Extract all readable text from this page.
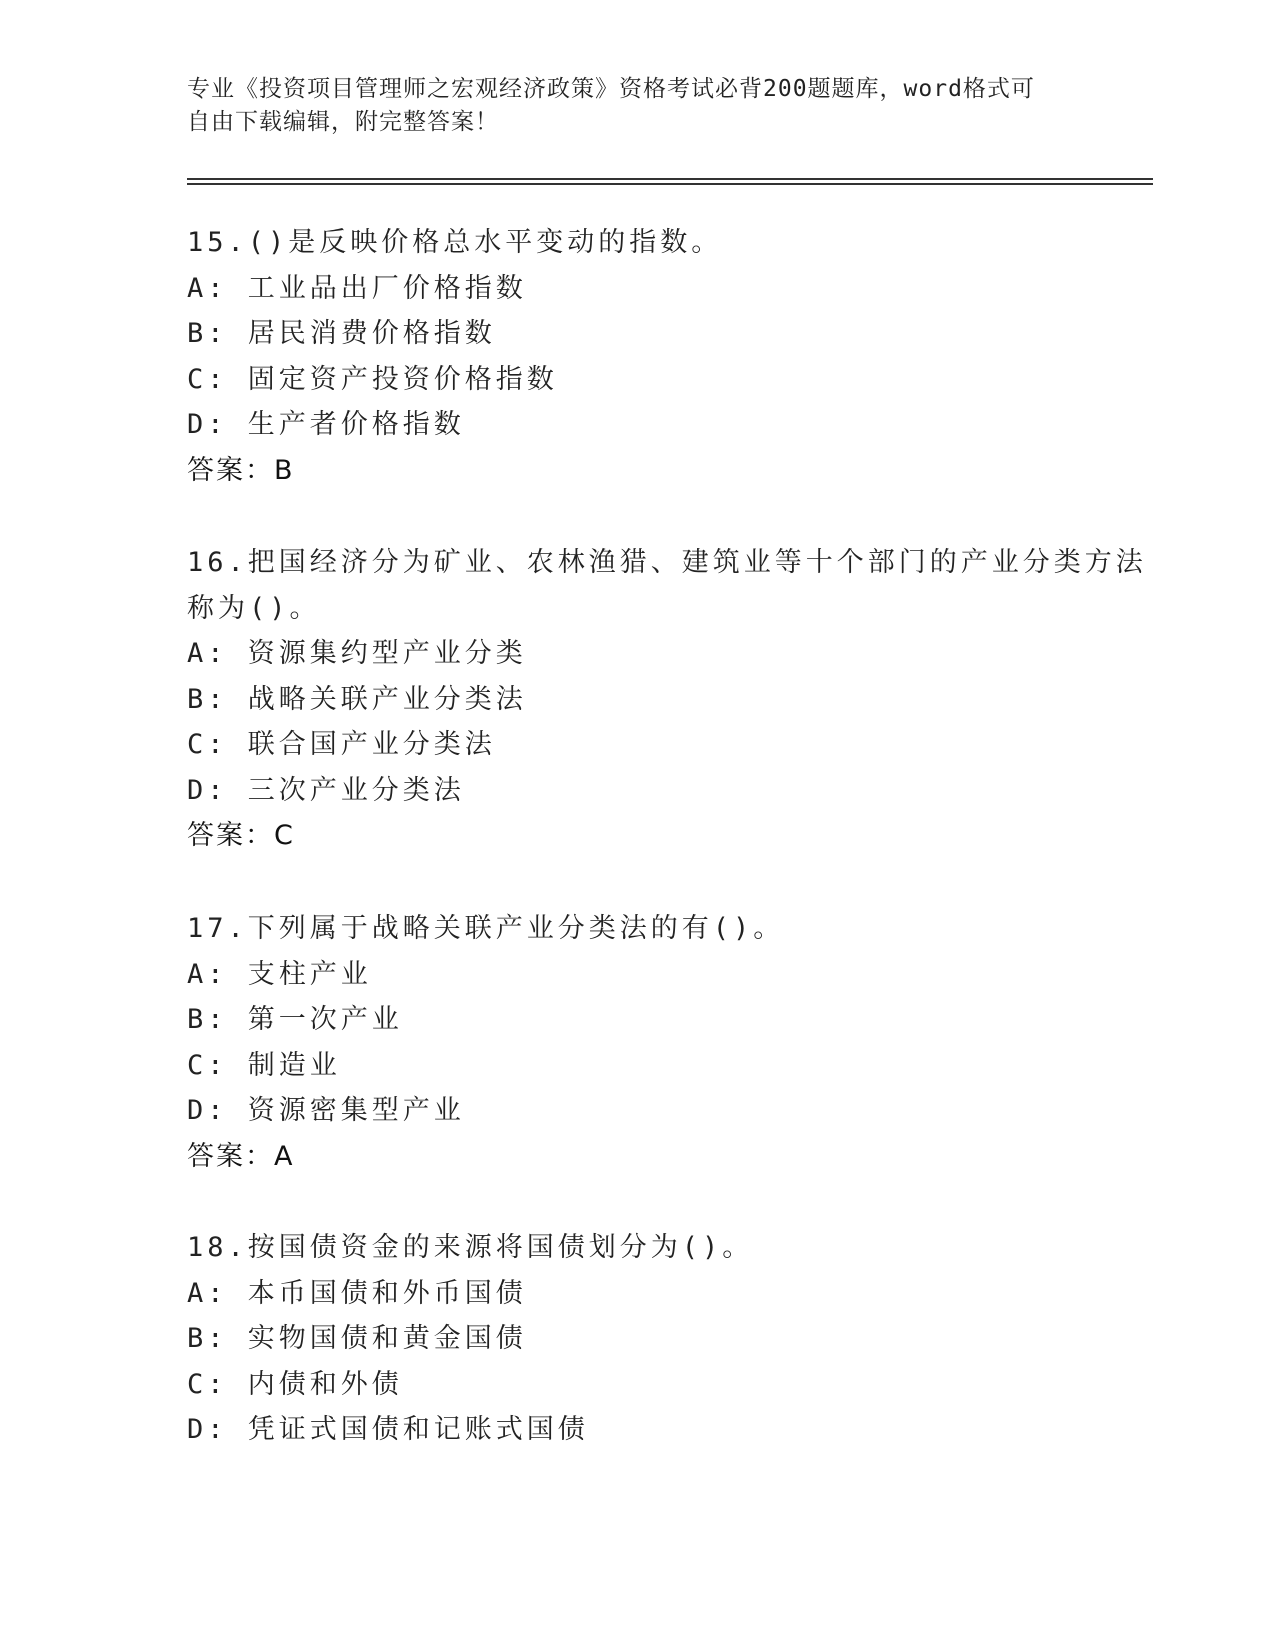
专业《投资项目管理师之宏观经济政策》资格考试必背200题题库，word格式可
自由下载编辑，附完整答案！
15.()是反映价格总水平变动的指数。
A: 工业品出厂价格指数
B: 居民消费价格指数
C: 固定资产投资价格指数
D: 生产者价格指数
答案：B
16.把国经济分为矿业、农林渔猎、建筑业等十个部门的产业分类方法
称为()。
A: 资源集约型产业分类
B: 战略关联产业分类法
C: 联合国产业分类法
D: 三次产业分类法
答案：C
17.下列属于战略关联产业分类法的有()。
A: 支柱产业
B: 第一次产业
C: 制造业
D: 资源密集型产业
答案：A
18.按国债资金的来源将国债划分为()。
A: 本币国债和外币国债
B: 实物国债和黄金国债
C: 内债和外债
D: 凭证式国债和记账式国债
